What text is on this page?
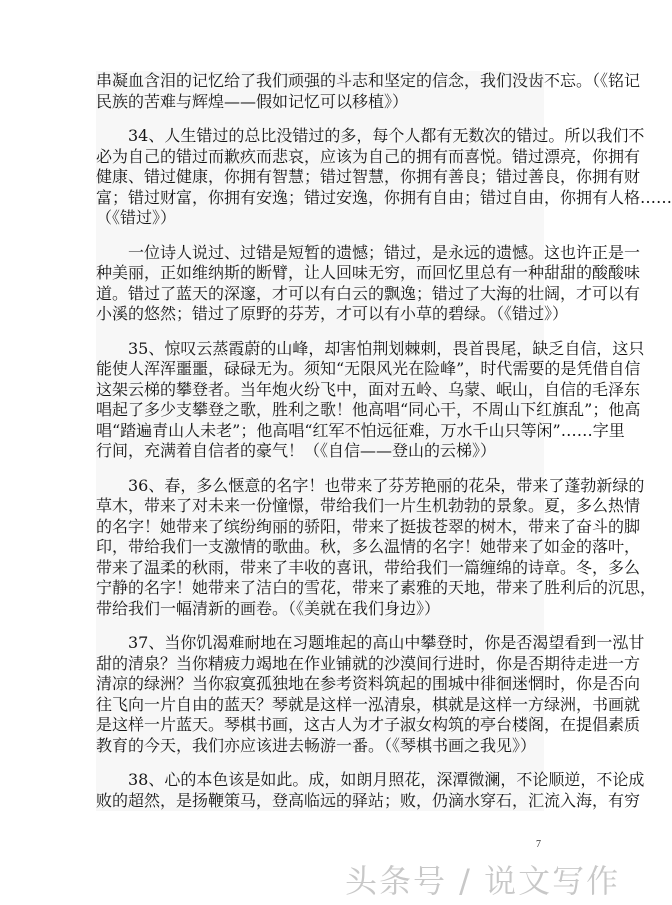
串凝血含泪的记忆给了我们顽强的斗志和坚定的信念，我们没齿不忘。（《铭记
民族的苦难与辉煌——假如记忆可以移植》）
34、人生错过的总比没错过的多，每个人都有无数次的错过。所以我们不
必为自己的错过而歉疚而悲哀，应该为自己的拥有而喜悦。错过漂亮，你拥有
健康、错过健康，你拥有智慧；错过智慧，你拥有善良；错过善良，你拥有财
富；错过财富，你拥有安逸；错过安逸，你拥有自由；错过自由，你拥有人格……
（《错过》）
一位诗人说过、过错是短暂的遗憾；错过，是永远的遗憾。这也许正是一
种美丽，正如维纳斯的断臂，让人回味无穷，而回忆里总有一种甜甜的酸酸味
道。错过了蓝天的深邃，才可以有白云的飘逸；错过了大海的壮阔，才可以有
小溪的悠然；错过了原野的芬芳，才可以有小草的碧绿。（《错过》）
35、惊叹云蒸霞蔚的山峰，却害怕荆划棘刺，畏首畏尾，缺乏自信，这只
能使人浑浑噩噩，碌碌无为。须知“无限风光在险峰”，时代需要的是凭借自信
这架云梯的攀登者。当年炮火纷飞中，面对五岭、乌蒙、岷山，自信的毛泽东
唱起了多少支攀登之歌，胜利之歌！他高唱“同心干，不周山下红旗乱”；他高
唱“踏遍青山人未老”；他高唱“红军不怕远征难，万水千山只等闲”……字里
行间，充满着自信者的豪气！（《自信——登山的云梯》）
36、春，多么惬意的名字！也带来了芬芳艳丽的花朵，带来了蓬勃新绿的
草木，带来了对未来一份憧憬，带给我们一片生机勃勃的景象。夏，多么热情
的名字！她带来了缤纷绚丽的骄阳，带来了挺拔苍翠的树木，带来了奋斗的脚
印，带给我们一支激情的歌曲。秋，多么温情的名字！她带来了如金的落叶，
带来了温柔的秋雨，带来了丰收的喜讯，带给我们一篇缠绵的诗章。冬，多么
宁静的名字！她带来了洁白的雪花，带来了素雅的天地，带来了胜利后的沉思，
带给我们一幅清新的画卷。（《美就在我们身边》）
37、当你饥渴难耐地在习题堆起的高山中攀登时，你是否渴望看到一泓甘
甜的清泉？当你精疲力竭地在作业铺就的沙漠间行进时，你是否期待走进一方
清凉的绿洲？当你寂寞孤独地在参考资料筑起的围城中徘徊迷惘时，你是否向
往飞向一片自由的蓝天？琴就是这样一泓清泉，棋就是这样一方绿洲，书画就
是这样一片蓝天。琴棋书画，这古人为才子淑女构筑的亭台楼阁，在提倡素质
教育的今天，我们亦应该进去畅游一番。（《琴棋书画之我见》）
38、心的本色该是如此。成，如朗月照花，深潭微澜，不论顺逆，不论成
败的超然，是扬鞭策马，登高临远的驿站；败，仍滴水穿石，汇流入海，有穷
7
头条号 / 说文写作
